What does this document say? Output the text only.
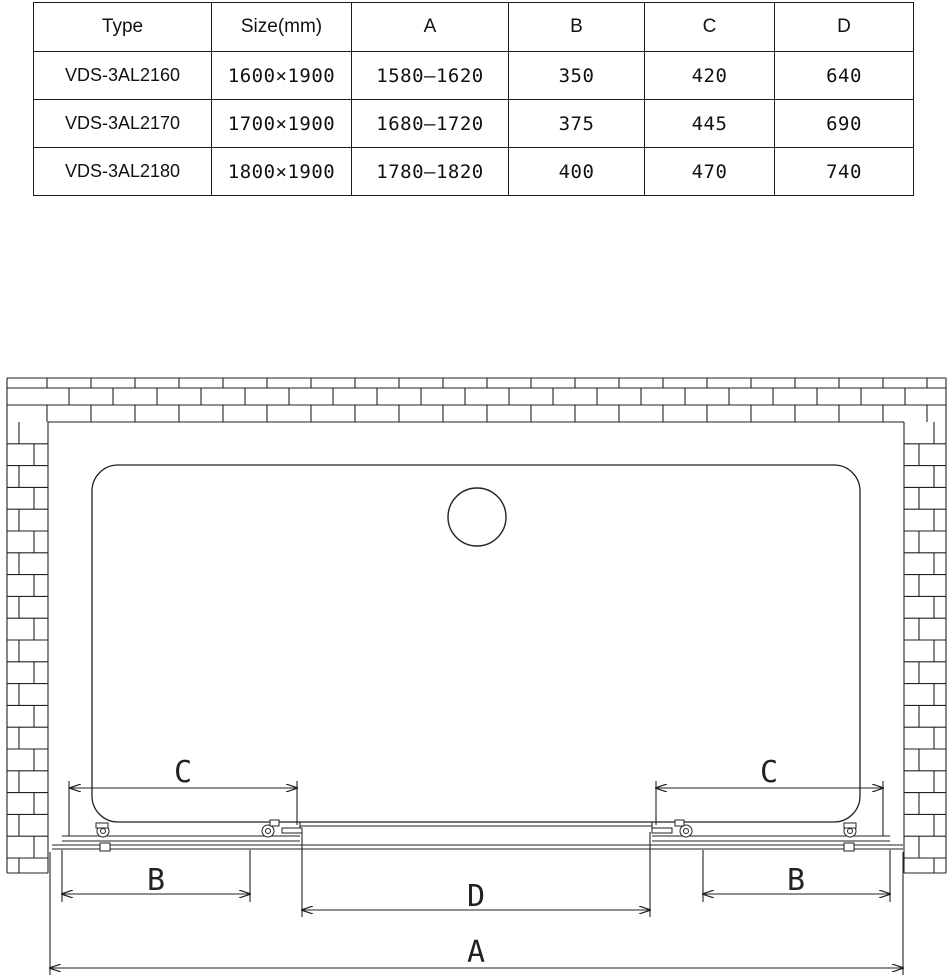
Type	Size(mm)	A	B	C	D
VDS-3AL2160	1600×1900	1580–1620	350	420	640
VDS-3AL2170	1700×1900	1680–1720	375	445	690
VDS-3AL2180	1800×1900	1780–1820	400	470	740
C	C
B	B
D
A
